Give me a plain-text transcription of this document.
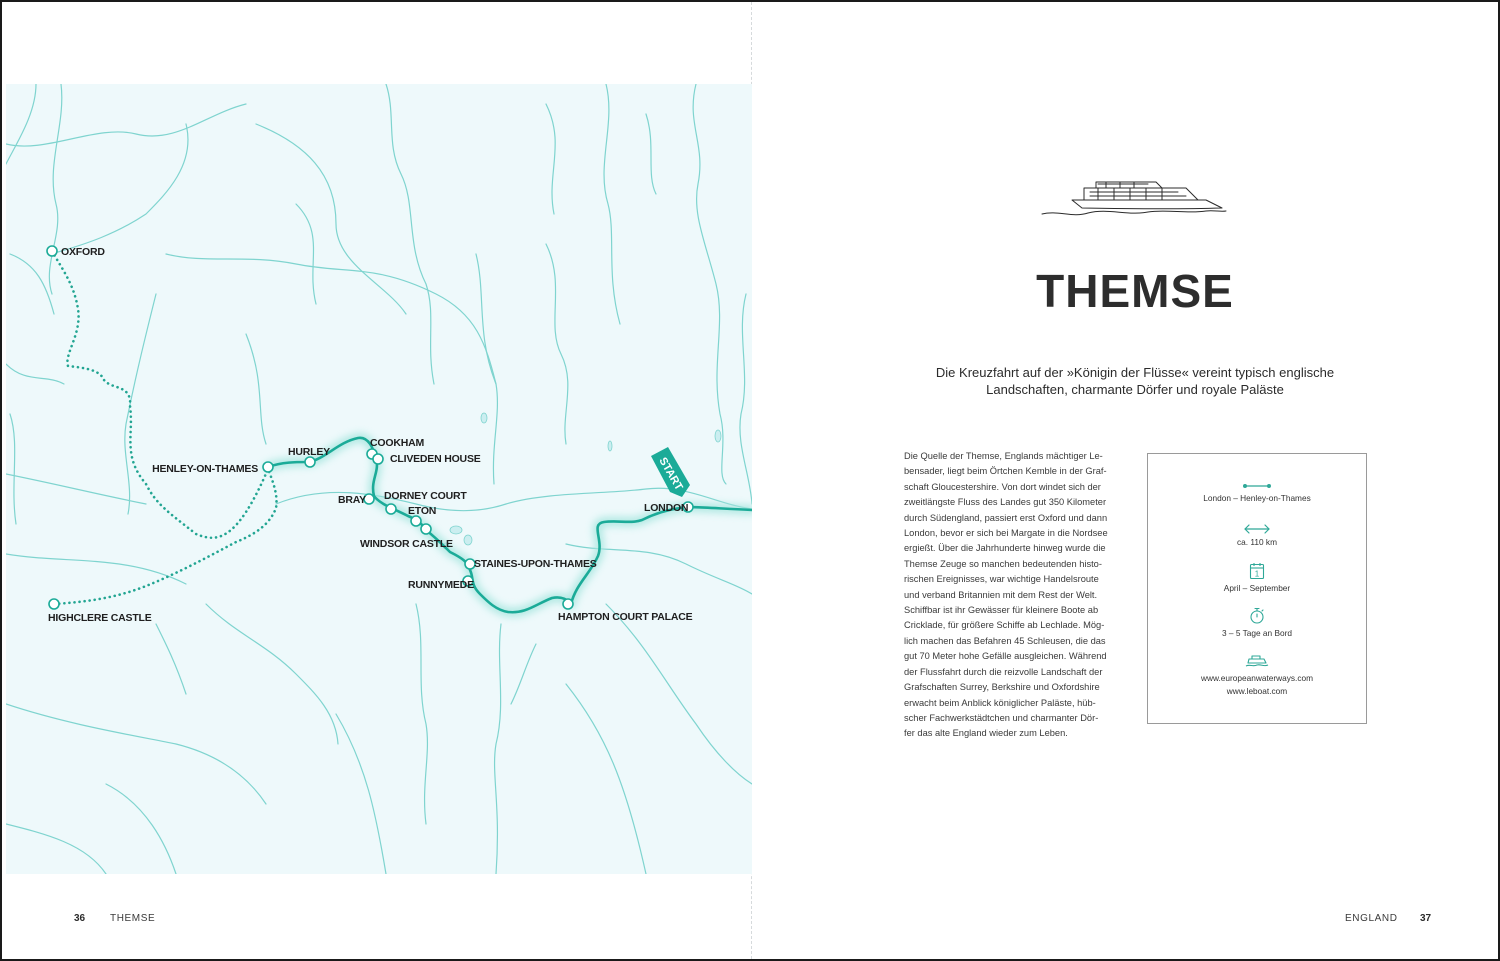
START
OXFORD
HENLEY-ON-THAMES
HURLEY
COOKHAM
CLIVEDEN HOUSE
BRAY DORNEY COURT
ETON
WINDSOR CASTLE
STAINES-UPON-THAMES
RUNNYMEDE
HAMPTON COURT PALACE
LONDON
HIGHCLERE CASTLE
THEMSE
Die Kreuzfahrt auf der »Königin der Flüsse« vereint typisch englische
Landschaften, charmante Dörfer und royale Paläste
Die Quelle der Themse, Englands mächtiger Le-
bensader, liegt beim Örtchen Kemble in der Graf-
schaft Gloucestershire. Von dort windet sich der
zweitlängste Fluss des Landes gut 350 Kilometer
durch Südengland, passiert erst Oxford und dann
London, bevor er sich bei Margate in die Nordsee
ergießt. Über die Jahrhunderte hinweg wurde die
Themse Zeuge so manchen bedeutenden histo-
rischen Ereignisses, war wichtige Handelsroute
und verband Britannien mit dem Rest der Welt.
Schiffbar ist ihr Gewässer für kleinere Boote ab
Cricklade, für größere Schiffe ab Lechlade. Mög-
lich machen das Befahren 45 Schleusen, die das
gut 70 Meter hohe Gefälle ausgleichen. Während
der Flussfahrt durch die reizvolle Landschaft der
Grafschaften Surrey, Berkshire und Oxfordshire
erwacht beim Anblick königlicher Paläste, hüb-
scher Fachwerkstädtchen und charmanter Dör-
fer das alte England wieder zum Leben.
London – Henley-on-Thames
ca. 110 km
1
April – September
3 – 5 Tage an Bord
www.europeanwaterways.com
www.leboat.com
36 THEMSE	ENGLAND 37
